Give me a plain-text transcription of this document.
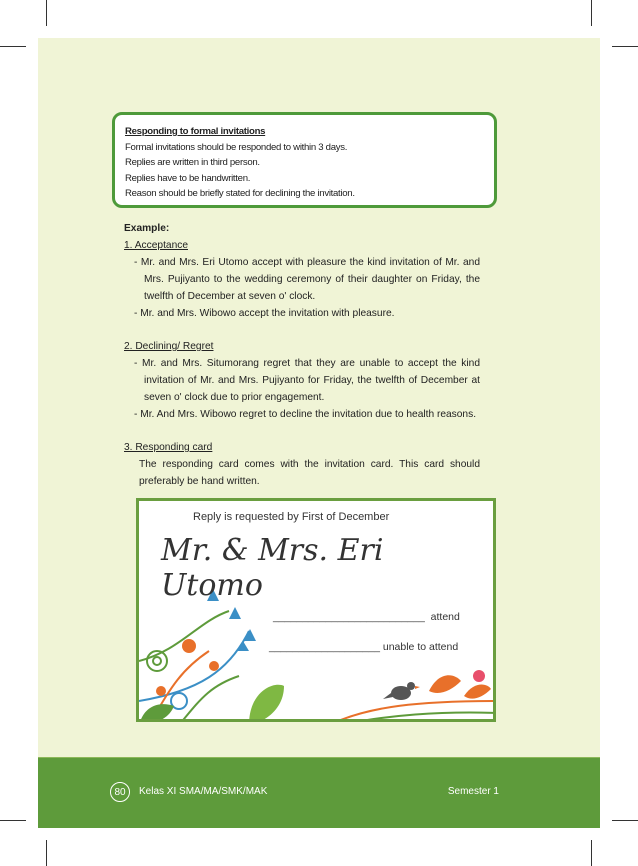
Responding to formal invitations
Formal invitations should be responded to within 3 days.
Replies are written in third person.
Replies have to be handwritten.
Reason should be briefly stated for declining the invitation.
Example:
1. Acceptance
- Mr. and Mrs. Eri Utomo accept with pleasure the kind invitation of Mr. and Mrs. Pujiyanto to the wedding ceremony of their daughter on Friday, the twelfth of December at seven o' clock.
- Mr. and Mrs. Wibowo accept the invitation with pleasure.
2. Declining/ Regret
- Mr. and Mrs. Situmorang regret that they are unable to accept the kind invitation of Mr. and Mrs. Pujiyanto for Friday, the twelfth of December at seven o' clock due to prior engagement.
- Mr. And Mrs. Wibowo regret to decline the invitation due to health reasons.
3. Responding card
The responding card comes with the invitation card. This card should preferably be hand written.
Reply is requested by First of December
Mr. & Mrs. Eri Utomo
__________________________  attend
___________________ unable to attend
80	Kelas XI SMA/MA/SMK/MAK	Semester 1
